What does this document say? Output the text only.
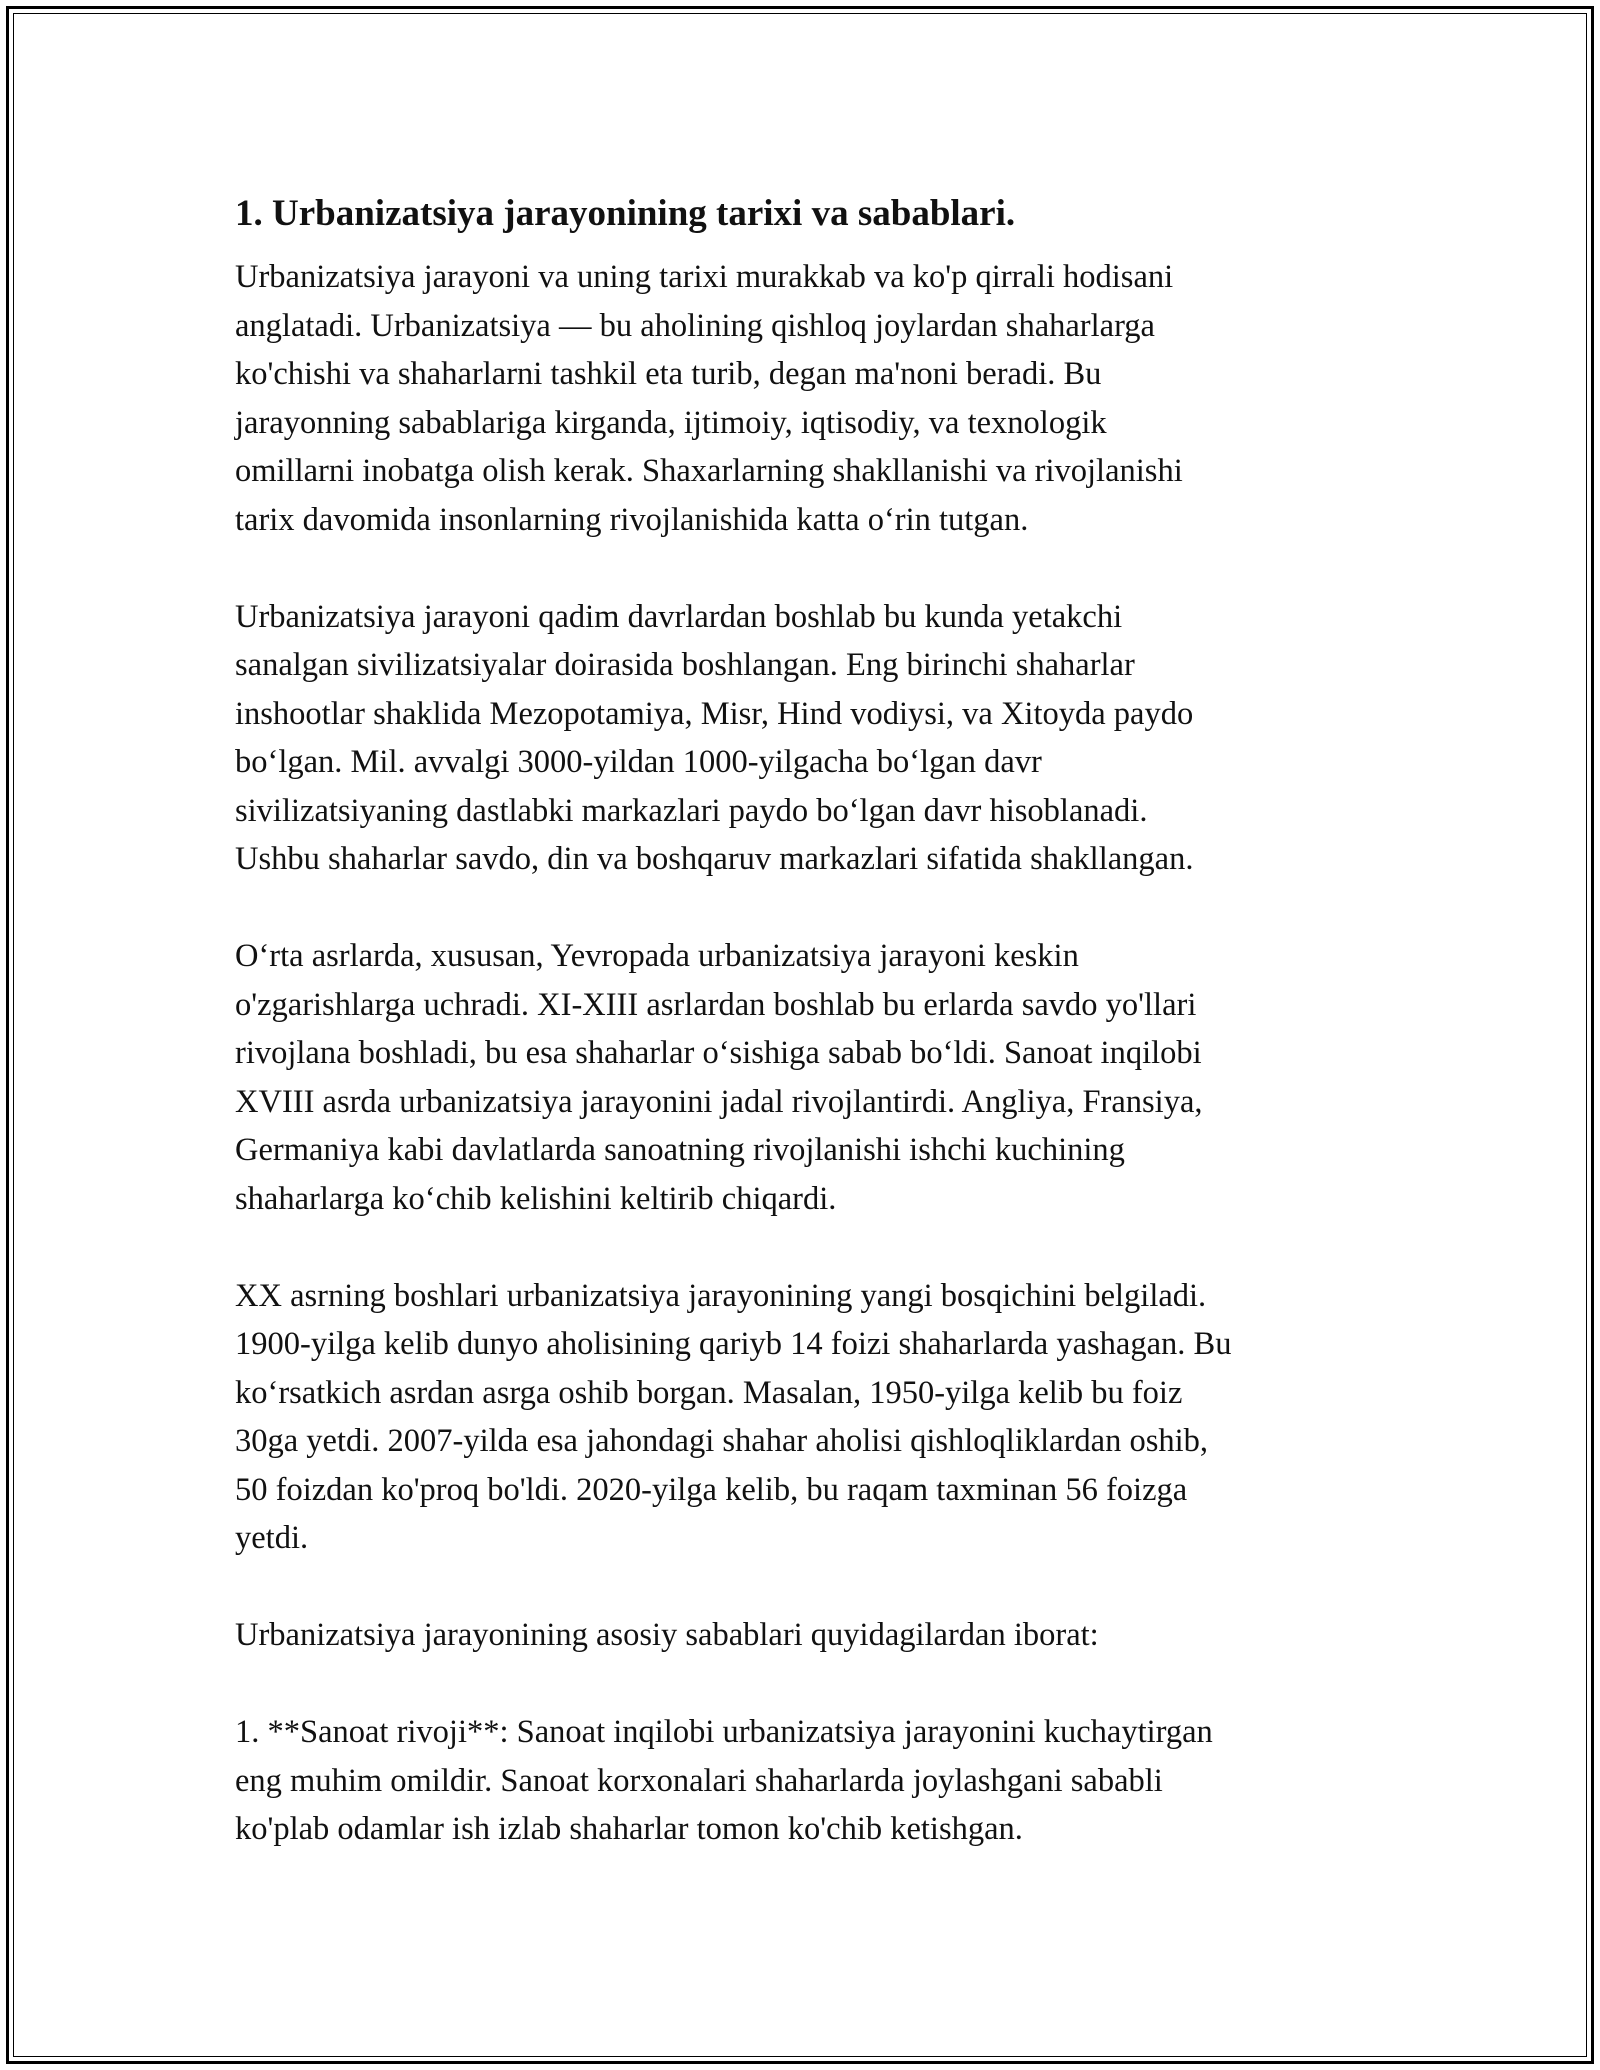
1. Urbanizatsiya jarayonining tarixi va sabablari.

Urbanizatsiya jarayoni va uning tarixi murakkab va ko'p qirrali hodisani
anglatadi. Urbanizatsiya — bu aholining qishloq joylardan shaharlarga
ko'chishi va shaharlarni tashkil eta turib, degan ma'noni beradi. Bu
jarayonning sabablariga kirganda, ijtimoiy, iqtisodiy, va texnologik
omillarni inobatga olish kerak. Shaxarlarning shakllanishi va rivojlanishi
tarix davomida insonlarning rivojlanishida katta oʻrin tutgan.

Urbanizatsiya jarayoni qadim davrlardan boshlab bu kunda yetakchi
sanalgan sivilizatsiyalar doirasida boshlangan. Eng birinchi shaharlar
inshootlar shaklida Mezopotamiya, Misr, Hind vodiysi, va Xitoyda paydo
boʻlgan. Mil. avvalgi 3000-yildan 1000-yilgacha boʻlgan davr
sivilizatsiyaning dastlabki markazlari paydo boʻlgan davr hisoblanadi.
Ushbu shaharlar savdo, din va boshqaruv markazlari sifatida shakllangan.

Oʻrta asrlarda, xususan, Yevropada urbanizatsiya jarayoni keskin
o'zgarishlarga uchradi. XI-XIII asrlardan boshlab bu erlarda savdo yo'llari
rivojlana boshladi, bu esa shaharlar oʻsishiga sabab boʻldi. Sanoat inqilobi
XVIII asrda urbanizatsiya jarayonini jadal rivojlantirdi. Angliya, Fransiya,
Germaniya kabi davlatlarda sanoatning rivojlanishi ishchi kuchining
shaharlarga koʻchib kelishini keltirib chiqardi.

XX asrning boshlari urbanizatsiya jarayonining yangi bosqichini belgiladi.
1900-yilga kelib dunyo aholisining qariyb 14 foizi shaharlarda yashagan. Bu
koʻrsatkich asrdan asrga oshib borgan. Masalan, 1950-yilga kelib bu foiz
30ga yetdi. 2007-yilda esa jahondagi shahar aholisi qishloqliklardan oshib,
50 foizdan ko'proq bo'ldi. 2020-yilga kelib, bu raqam taxminan 56 foizga
yetdi.

Urbanizatsiya jarayonining asosiy sabablari quyidagilardan iborat:

1. **Sanoat rivoji**: Sanoat inqilobi urbanizatsiya jarayonini kuchaytirgan
eng muhim omildir. Sanoat korxonalari shaharlarda joylashgani sababli
ko'plab odamlar ish izlab shaharlar tomon ko'chib ketishgan.
